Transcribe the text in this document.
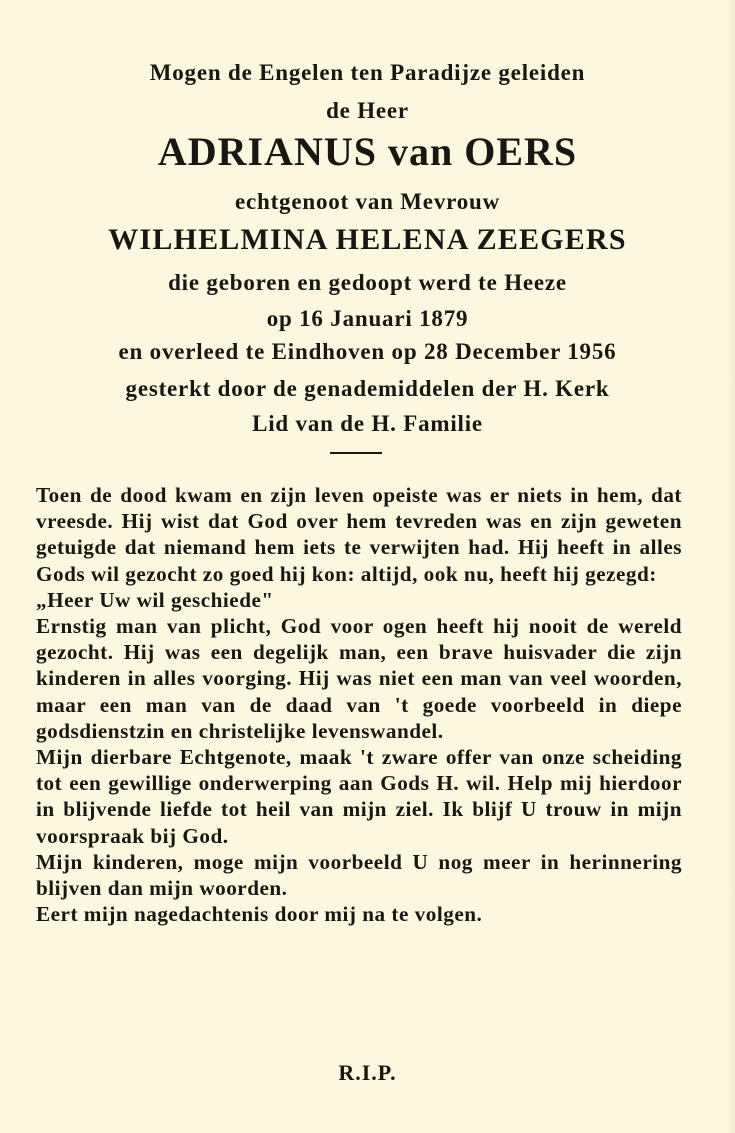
Mogen de Engelen ten Paradijze geleiden
de Heer
ADRIANUS van OERS
echtgenoot van Mevrouw
WILHELMINA HELENA ZEEGERS
die geboren en gedoopt werd te Heeze
op 16 Januari 1879
en overleed te Eindhoven op 28 December 1956
gesterkt door de genademiddelen der H. Kerk
Lid van de H. Familie

Toen de dood kwam en zijn leven opeiste was er niets in hem, dat vreesde. Hij wist dat God over hem tevreden was en zijn geweten getuigde dat niemand hem iets te verwijten had. Hij heeft in alles Gods wil gezocht zo goed hij kon: altijd, ook nu, heeft hij gezegd:

„Heer Uw wil geschiede"

Ernstig man van plicht, God voor ogen heeft hij nooit de wereld gezocht. Hij was een degelijk man, een brave huisvader die zijn kinderen in alles voorging. Hij was niet een man van veel woorden, maar een man van de daad van 't goede voorbeeld in diepe godsdienstzin en christelijke levenswandel.

Mijn dierbare Echtgenote, maak 't zware offer van onze scheiding tot een gewillige onderwerping aan Gods H. wil. Help mij hierdoor in blijvende liefde tot heil van mijn ziel. Ik blijf U trouw in mijn voorspraak bij God.

Mijn kinderen, moge mijn voorbeeld U nog meer in herinnering blijven dan mijn woorden.

Eert mijn nagedachtenis door mij na te volgen.

R.I.P.
